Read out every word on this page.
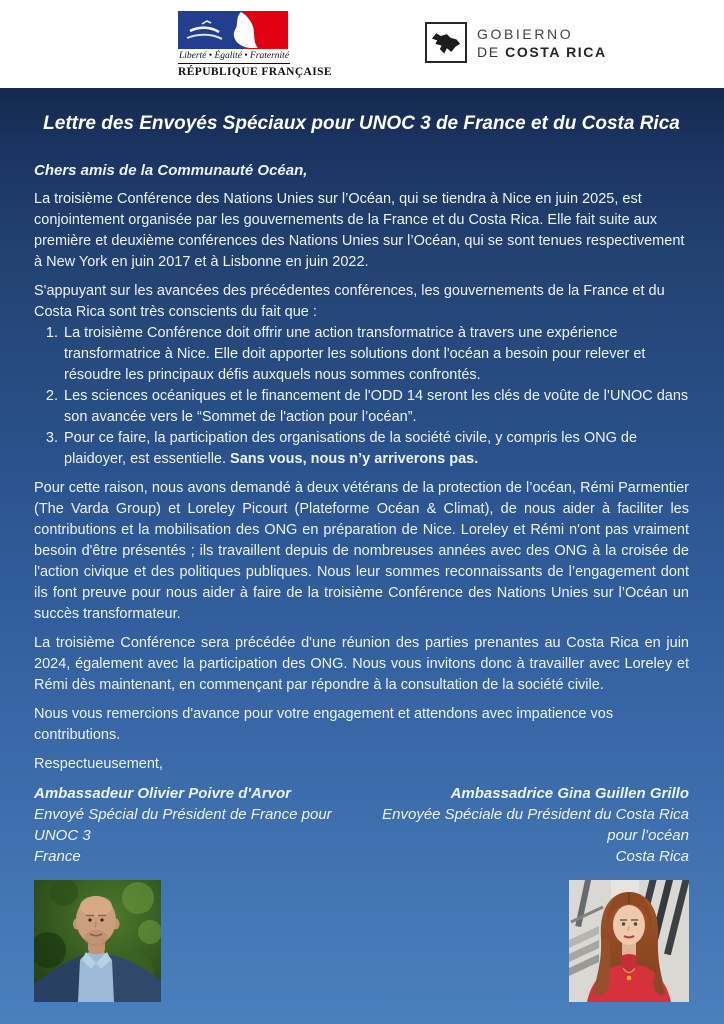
Liberté • Égalité • Fraternité
RÉPUBLIQUE FRANÇAISE
GOBIERNO
DE COSTA RICA
Lettre des Envoyés Spéciaux pour UNOC 3 de France et du Costa Rica
Chers amis de la Communauté Océan,

La troisième Conférence des Nations Unies sur l’Océan, qui se tiendra à Nice en juin 2025, est conjointement organisée par les gouvernements de la France et du Costa Rica. Elle fait suite aux première et deuxième conférences des Nations Unies sur l’Océan, qui se sont tenues respectivement à New York en juin 2017 et à Lisbonne en juin 2022.

S'appuyant sur les avancées des précédentes conférences, les gouvernements de la France et du Costa Rica sont très conscients du fait que :

1. La troisième Conférence doit offrir une action transformatrice à travers une expérience transformatrice à Nice. Elle doit apporter les solutions dont l'océan a besoin pour relever et résoudre les principaux défis auxquels nous sommes confrontés.
2. Les sciences océaniques et le financement de l'ODD 14 seront les clés de voûte de l’UNOC dans son avancée vers le “Sommet de l'action pour l’océan”.
3. Pour ce faire, la participation des organisations de la société civile, y compris les ONG de plaidoyer, est essentielle. Sans vous, nous n’y arriverons pas.

Pour cette raison, nous avons demandé à deux vétérans de la protection de l’océan, Rémi Parmentier (The Varda Group) et Loreley Picourt (Plateforme Océan & Climat), de nous aider à faciliter les contributions et la mobilisation des ONG en préparation de Nice. Loreley et Rémi n'ont pas vraiment besoin d'être présentés ; ils travaillent depuis de nombreuses années avec des ONG à la croisée de l'action civique et des politiques publiques. Nous leur sommes reconnaissants de l’engagement dont ils font preuve pour nous aider à faire de la troisième Conférence des Nations Unies sur l’Océan un succès transformateur.

La troisième Conférence sera précédée d'une réunion des parties prenantes au Costa Rica en juin 2024, également avec la participation des ONG. Nous vous invitons donc à travailler avec Loreley et Rémi dès maintenant, en commençant par répondre à la consultation de la société civile.

Nous vous remercions d'avance pour votre engagement et attendons avec impatience vos contributions.

Respectueusement,

Ambassadeur Olivier Poivre d'Arvor
Envoyé Spécial du Président de France pour
UNOC 3
France
Ambassadrice Gina Guillen Grillo
Envoyée Spéciale du Président du Costa Rica
pour l’océan
Costa Rica
